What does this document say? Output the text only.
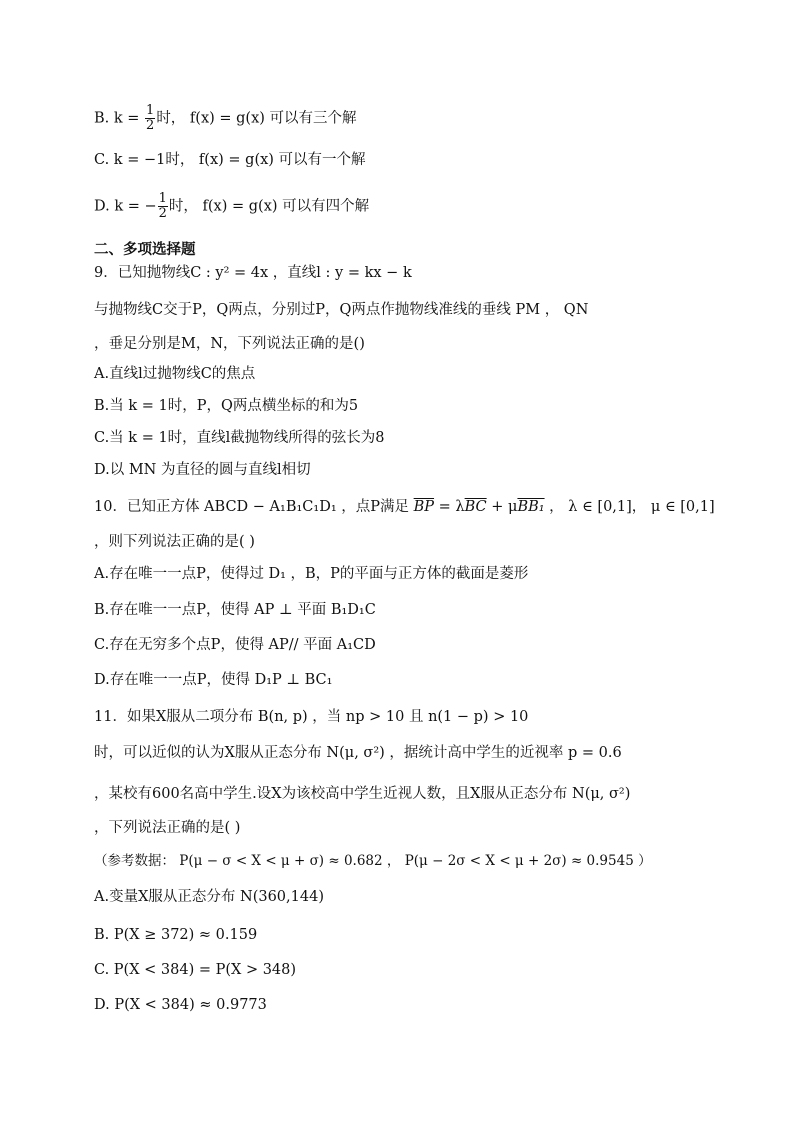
B. $k = \frac{1}{2}$ 时， f(x) = g(x) 可以有三个解
C. k = −1时， f(x) = g(x) 可以有一个解
D. k = − $\frac{1}{2}$ 时， f(x) = g(x) 可以有四个解
二、多项选择题
9．已知抛物线C : y² = 4x ，直线l : y = kx − k
与抛物线C交于P，Q两点，分别过P，Q两点作抛物线准线的垂线 PM ， QN
，垂足分别是M，N，下列说法正确的是()
A.直线l过抛物线C的焦点
B.当 k = 1时，P，Q两点横坐标的和为5
C.当 k = 1时，直线l截抛物线所得的弦长为8
D.以 MN 为直径的圆与直线l相切
10．已知正方体 ABCD − A₁B₁C₁D₁ ，点P满足 $\overline{BP} = \lambda\overline{BC} + \mu BB_1$ ， λ ∈ [0,1]， μ ∈ [0,1]
，则下列说法正确的是( )
A.存在唯一一点P，使得过 D₁ ，B，P的平面与正方体的截面是菱形
B.存在唯一一点P，使得 AP ⊥ 平面 B₁D₁C
C.存在无穷多个点P，使得 AP// 平面 A₁CD
D.存在唯一一点P，使得 D₁P ⊥ BC₁
11．如果X服从二项分布 B(n, p) ，当 np > 10 且 n(1 − p) > 10
时，可以近似的认为X服从正态分布 N(μ, σ²) ，据统计高中学生的近视率 p = 0.6
，某校有600名高中学生.设X为该校高中学生近视人数，且X服从正态分布 N(μ, σ²)
，下列说法正确的是( )
（参考数据： P(μ − σ < X < μ + σ) ≈ 0.682 ， P(μ − 2σ < X < μ + 2σ) ≈ 0.9545 ）
A.变量X服从正态分布 N(360,144)
B. P(X ≥ 372) ≈ 0.159
C. P(X < 384) = P(X > 348)
D. P(X < 384) ≈ 0.9773
